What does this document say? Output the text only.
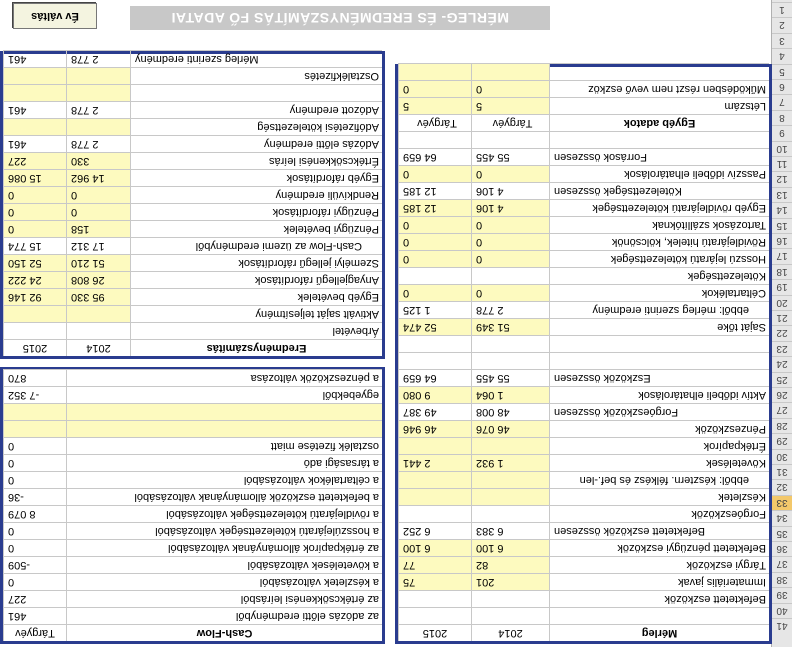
1
2
3
4
5
6
7
8
9
10
11
12
13
14
15
16
17
18
19
20
21
22
23
24
25
26
27
28
29
30
31
32
33
34
35
36
37
38
39
40
41
MÉRLEG- ÉS EREDMÉNYSZÁMÍTÁS FŐ ADATAI
Év váltás
Mérleg
2014
2015
Befektetett eszközök
Immateriális javak
201
75
Tárgyi eszközök
82
77
Befektetett pénzügyi eszközök
6 100
6 100
Befektetett eszközök összesen
6 383
6 252
Forgóeszközök
Készletek
ebből: késztern. félkész és bef.-len
Követelések
1 932
2 441
Értékpapírok
Pénzeszközök
46 076
46 946
Forgóeszközök összesen
48 008
49 387
Aktív időbeli elhatárolások
1 064
9 080
Eszközök összesen
55 455
64 659
Saját tőke
51 349
52 474
ebből: mérleg szerinti eredmény
2 778
1 125
Céltartalékok
0
0
Kötelezettségek
Hosszú lejáratú kötelezettségek
0
0
Rövidlejáratú hitelek, kölcsönök
0
0
Tartozások szállítóknak
0
0
Egyéb rövidlejáratú kötelezettségek
4 106
12 185
Kötelezettségek összesen
4 106
12 185
Passzív időbeli elhatárolások
0
0
Források összesen
55 455
64 659
Egyéb adatok
Tárgyév
Tárgyév
Létszám
5
5
Működésben részt nem vevő eszköz
0
0
Eredményszámítás
2014
2015
Árbevétel
Aktivált saját teljesítmény
Egyéb bevételek
95 330
92 146
Anyagjellegű ráfordítások
26 808
24 222
Személyi jellegű ráfordítások
51 210
52 150
Cash-Flow az üzemi eredményből
17 312
15 774
Pénzügyi bevételek
158
0
Pénzügyi ráfordítások
0
0
Rendkívüli eredmény
0
0
Egyéb ráfordítások
14 962
15 086
Értékcsökkenési leírás
330
227
Adózás előtti eredmény
2 778
461
Adófizetési kötelezettség
Adózott eredmény
2 778
461
Osztalékfizetés
Mérleg szerinti eredmény
2 778
461
Cash-Flow
Tárgyév
az adózás előtti eredményből
461
az értékcsökkenési leírásból
227
a készletek változásából
0
a követelések változásából
-509
az értékpapírok állományának változásából
0
a hosszúlejáratú kötelezettségek változásából
0
a rövidlejáratú kötelezettségek változásából
8 079
a befektetett eszközök állományának változásából
-36
a céltartalékok változásából
0
a társasági adó
0
osztalék fizetése miatt
0
egyebekből
-7 352
a pénzeszközök változása
870
